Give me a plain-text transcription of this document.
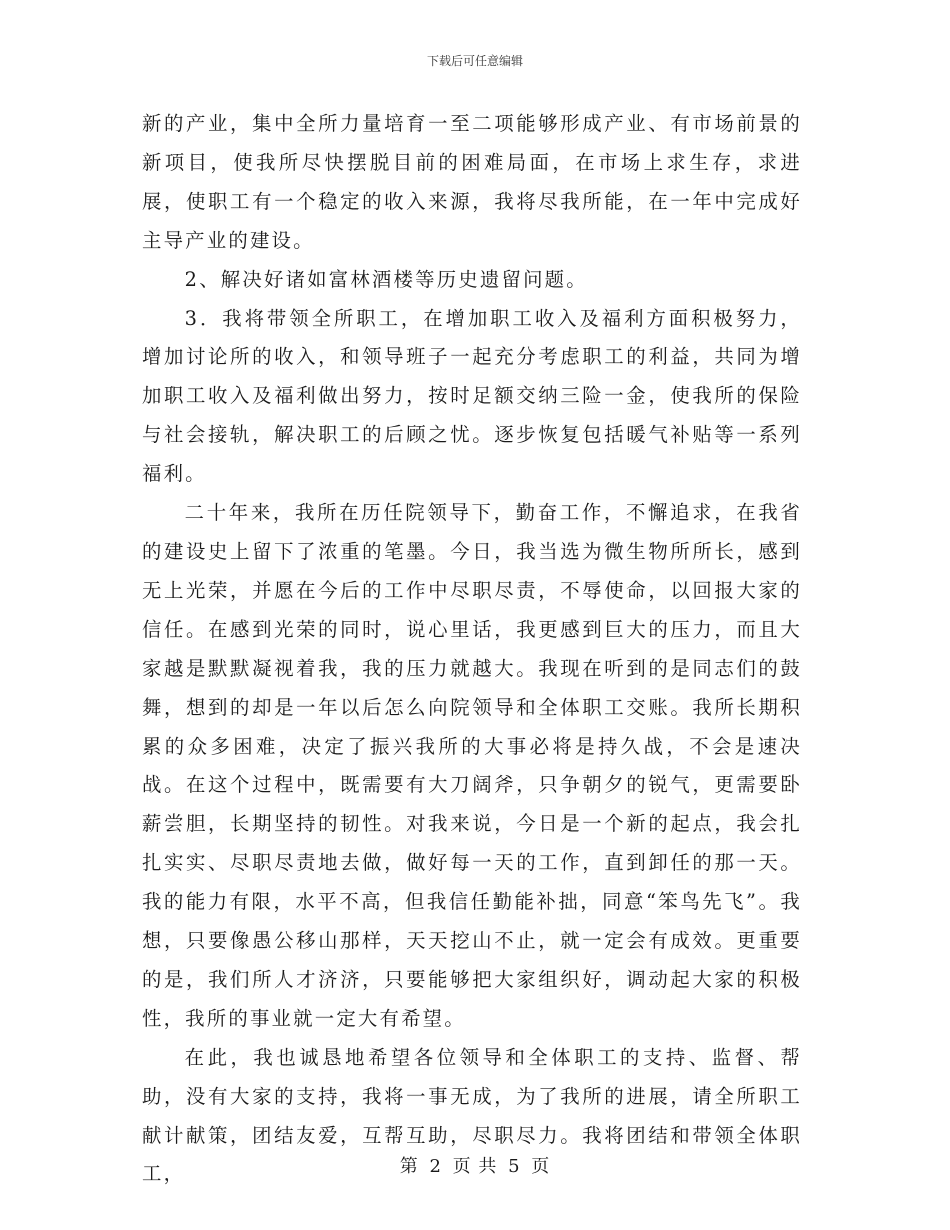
下载后可任意编辑

新的产业，集中全所力量培育一至二项能够形成产业、有市场前景的新项目，使我所尽快摆脱目前的困难局面，在市场上求生存，求进展，使职工有一个稳定的收入来源，我将尽我所能，在一年中完成好主导产业的建设。

2、解决好诸如富林酒楼等历史遗留问题。

3．我将带领全所职工，在增加职工收入及福利方面积极努力，增加讨论所的收入，和领导班子一起充分考虑职工的利益，共同为增加职工收入及福利做出努力，按时足额交纳三险一金，使我所的保险与社会接轨，解决职工的后顾之忧。逐步恢复包括暖气补贴等一系列福利。

二十年来，我所在历任院领导下，勤奋工作，不懈追求，在我省的建设史上留下了浓重的笔墨。今日，我当选为微生物所所长，感到无上光荣，并愿在今后的工作中尽职尽责，不辱使命，以回报大家的信任。在感到光荣的同时，说心里话，我更感到巨大的压力，而且大家越是默默凝视着我，我的压力就越大。我现在听到的是同志们的鼓舞，想到的却是一年以后怎么向院领导和全体职工交账。我所长期积累的众多困难，决定了振兴我所的大事必将是持久战，不会是速决战。在这个过程中，既需要有大刀阔斧，只争朝夕的锐气，更需要卧薪尝胆，长期坚持的韧性。对我来说，今日是一个新的起点，我会扎扎实实、尽职尽责地去做，做好每一天的工作，直到卸任的那一天。我的能力有限，水平不高，但我信任勤能补拙，同意“笨鸟先飞”。我想，只要像愚公移山那样，天天挖山不止，就一定会有成效。更重要的是，我们所人才济济，只要能够把大家组织好，调动起大家的积极性，我所的事业就一定大有希望。

在此，我也诚恳地希望各位领导和全体职工的支持、监督、帮助，没有大家的支持，我将一事无成，为了我所的进展，请全所职工献计献策，团结友爱，互帮互助，尽职尽力。我将团结和带领全体职工，	第 2 页 共 5 页
